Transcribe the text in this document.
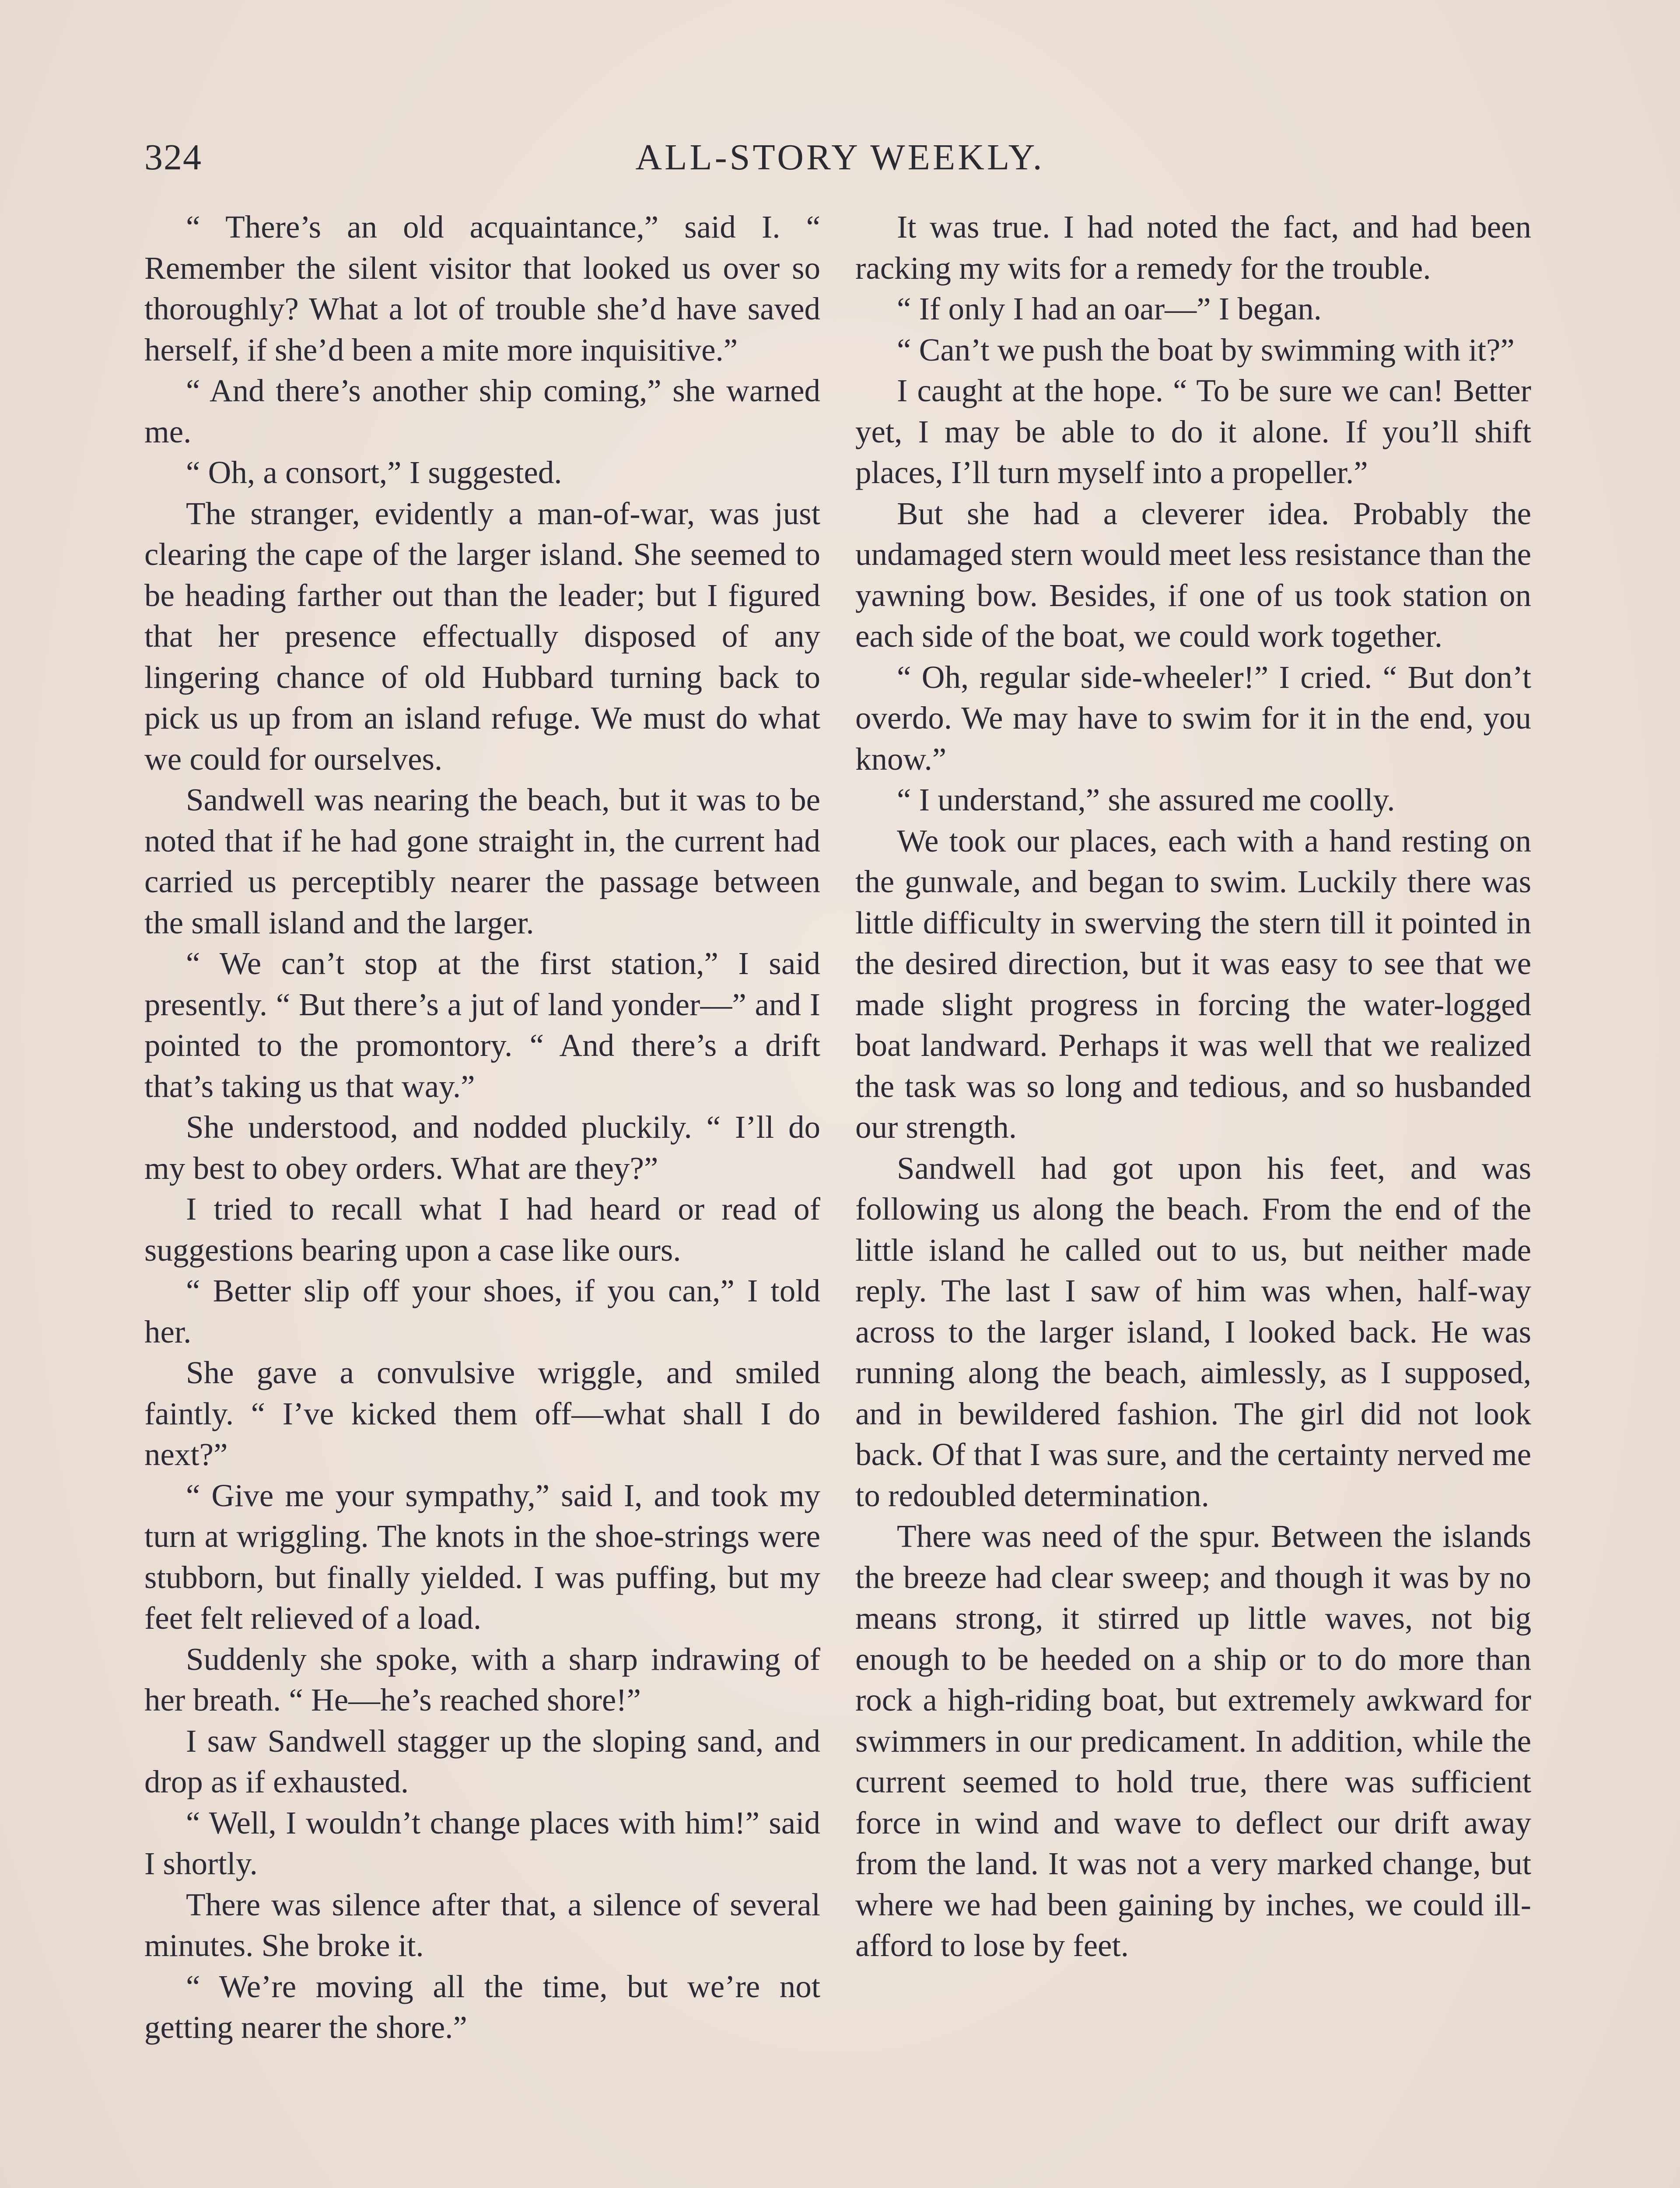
324	ALL-STORY WEEKLY.

“ There’s an old acquaintance,” said I. “ Remember the silent visitor that looked us over so thoroughly? What a lot of trouble she’d have saved herself, if she’d been a mite more inquisitive.”

“ And there’s another ship coming,” she warned me.

“ Oh, a consort,” I suggested.

The stranger, evidently a man-of-war, was just clearing the cape of the larger island. She seemed to be heading farther out than the leader; but I figured that her presence effectually disposed of any lingering chance of old Hubbard turning back to pick us up from an island refuge. We must do what we could for ourselves.

Sandwell was nearing the beach, but it was to be noted that if he had gone straight in, the current had carried us perceptibly nearer the passage between the small island and the larger.

“ We can’t stop at the first station,” I said presently. “ But there’s a jut of land yonder—” and I pointed to the promontory. “ And there’s a drift that’s taking us that way.”

She understood, and nodded pluckily. “ I’ll do my best to obey orders. What are they?”

I tried to recall what I had heard or read of suggestions bearing upon a case like ours.

“ Better slip off your shoes, if you can,” I told her.

She gave a convulsive wriggle, and smiled faintly. “ I’ve kicked them off—what shall I do next?”

“ Give me your sympathy,” said I, and took my turn at wriggling. The knots in the shoe-strings were stubborn, but finally yielded. I was puffing, but my feet felt relieved of a load.

Suddenly she spoke, with a sharp indrawing of her breath. “ He—he’s reached shore!”

I saw Sandwell stagger up the sloping sand, and drop as if exhausted.

“ Well, I wouldn’t change places with him!” said I shortly.

There was silence after that, a silence of several minutes. She broke it.

“ We’re moving all the time, but we’re not getting nearer the shore.”

It was true. I had noted the fact, and had been racking my wits for a remedy for the trouble.

“ If only I had an oar—” I began.

“ Can’t we push the boat by swimming with it?”

I caught at the hope. “ To be sure we can! Better yet, I may be able to do it alone. If you’ll shift places, I’ll turn myself into a propeller.”

But she had a cleverer idea. Probably the undamaged stern would meet less resistance than the yawning bow. Besides, if one of us took station on each side of the boat, we could work together.

“ Oh, regular side-wheeler!” I cried. “ But don’t overdo. We may have to swim for it in the end, you know.”

“ I understand,” she assured me coolly.

We took our places, each with a hand resting on the gunwale, and began to swim. Luckily there was little difficulty in swerving the stern till it pointed in the desired direction, but it was easy to see that we made slight progress in forcing the water-logged boat landward. Perhaps it was well that we realized the task was so long and tedious, and so husbanded our strength.

Sandwell had got upon his feet, and was following us along the beach. From the end of the little island he called out to us, but neither made reply. The last I saw of him was when, half-way across to the larger island, I looked back. He was running along the beach, aimlessly, as I supposed, and in bewildered fashion. The girl did not look back. Of that I was sure, and the certainty nerved me to redoubled determination.

There was need of the spur. Between the islands the breeze had clear sweep; and though it was by no means strong, it stirred up little waves, not big enough to be heeded on a ship or to do more than rock a high-riding boat, but extremely awkward for swimmers in our predicament. In addition, while the current seemed to hold true, there was sufficient force in wind and wave to deflect our drift away from the land. It was not a very marked change, but where we had been gaining by inches, we could ill-afford to lose by feet.
